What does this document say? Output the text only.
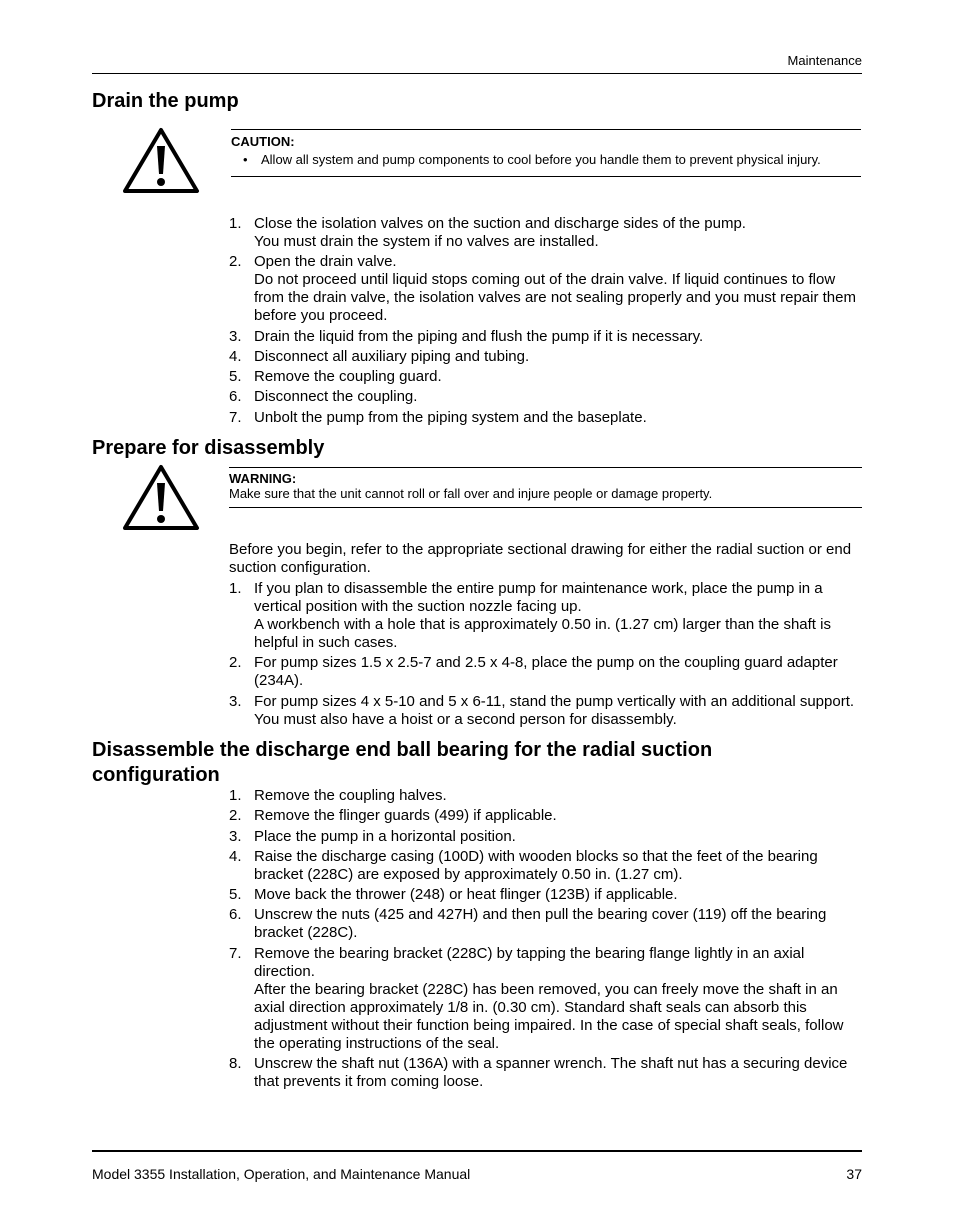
Maintenance
Drain the pump
CAUTION:
• Allow all system and pump components to cool before you handle them to prevent physical injury.
1. Close the isolation valves on the suction and discharge sides of the pump.

You must drain the system if no valves are installed.

2. Open the drain valve.

Do not proceed until liquid stops coming out of the drain valve. If liquid continues to flow from the drain valve, the isolation valves are not sealing properly and you must repair them before you proceed.

3. Drain the liquid from the piping and flush the pump if it is necessary.

4. Disconnect all auxiliary piping and tubing.

5. Remove the coupling guard.

6. Disconnect the coupling.

7. Unbolt the pump from the piping system and the baseplate.

Prepare for disassembly
WARNING:
Make sure that the unit cannot roll or fall over and injure people or damage property.

Before you begin, refer to the appropriate sectional drawing for either the radial suction or end suction configuration.

1. If you plan to disassemble the entire pump for maintenance work, place the pump in a vertical position with the suction nozzle facing up.

A workbench with a hole that is approximately 0.50 in. (1.27 cm) larger than the shaft is helpful in such cases.

2. For pump sizes 1.5 x 2.5-7 and 2.5 x 4-8, place the pump on the coupling guard adapter (234A).

3. For pump sizes 4 x 5-10 and 5 x 6-11, stand the pump vertically with an additional support. You must also have a hoist or a second person for disassembly.

Disassemble the discharge end ball bearing for the radial suction configuration
1. Remove the coupling halves.

2. Remove the flinger guards (499) if applicable.

3. Place the pump in a horizontal position.

4. Raise the discharge casing (100D) with wooden blocks so that the feet of the bearing bracket (228C) are exposed by approximately 0.50 in. (1.27 cm).

5. Move back the thrower (248) or heat flinger (123B) if applicable.

6. Unscrew the nuts (425 and 427H) and then pull the bearing cover (119) off the bearing bracket (228C).

7. Remove the bearing bracket (228C) by tapping the bearing flange lightly in an axial direction.

After the bearing bracket (228C) has been removed, you can freely move the shaft in an axial direction approximately 1/8 in. (0.30 cm). Standard shaft seals can absorb this adjustment without their function being impaired. In the case of special shaft seals, follow the operating instructions of the seal.

8. Unscrew the shaft nut (136A) with a spanner wrench. The shaft nut has a securing device that prevents it from coming loose.

Model 3355 Installation, Operation, and Maintenance Manual	37
